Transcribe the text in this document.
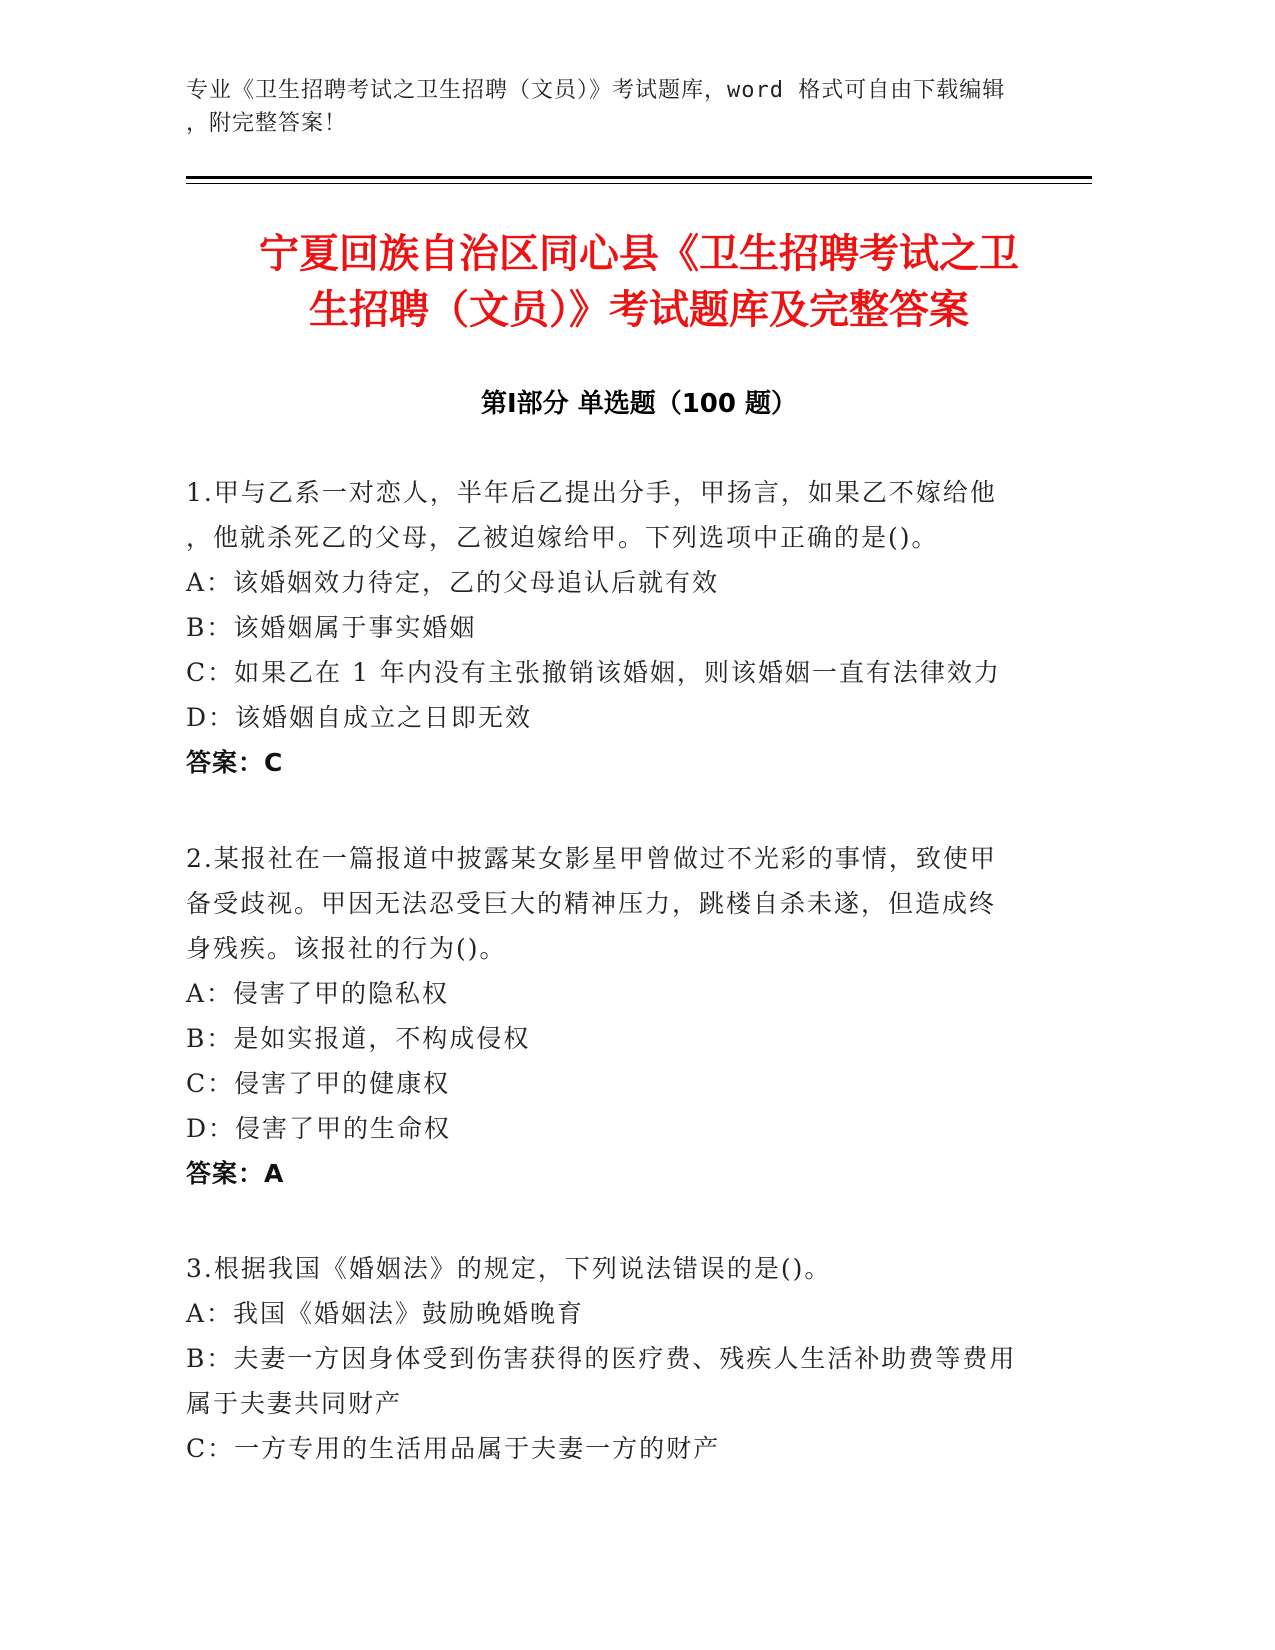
专业《卫生招聘考试之卫生招聘（文员）》考试题库，word 格式可自由下载编辑
，附完整答案！
宁夏回族自治区同心县《卫生招聘考试之卫
生招聘（文员）》考试题库及完整答案
第Ⅰ部分 单选题（100 题）
1.甲与乙系一对恋人，半年后乙提出分手，甲扬言，如果乙不嫁给他
，他就杀死乙的父母，乙被迫嫁给甲。下列选项中正确的是()。
A：该婚姻效力待定，乙的父母追认后就有效
B：该婚姻属于事实婚姻
C：如果乙在 1 年内没有主张撤销该婚姻，则该婚姻一直有法律效力
D：该婚姻自成立之日即无效
答案：C
2.某报社在一篇报道中披露某女影星甲曾做过不光彩的事情，致使甲
备受歧视。甲因无法忍受巨大的精神压力，跳楼自杀未遂，但造成终
身残疾。该报社的行为()。
A：侵害了甲的隐私权
B：是如实报道，不构成侵权
C：侵害了甲的健康权
D：侵害了甲的生命权
答案：A
3.根据我国《婚姻法》的规定，下列说法错误的是()。
A：我国《婚姻法》鼓励晚婚晚育
B：夫妻一方因身体受到伤害获得的医疗费、残疾人生活补助费等费用
属于夫妻共同财产
C：一方专用的生活用品属于夫妻一方的财产
